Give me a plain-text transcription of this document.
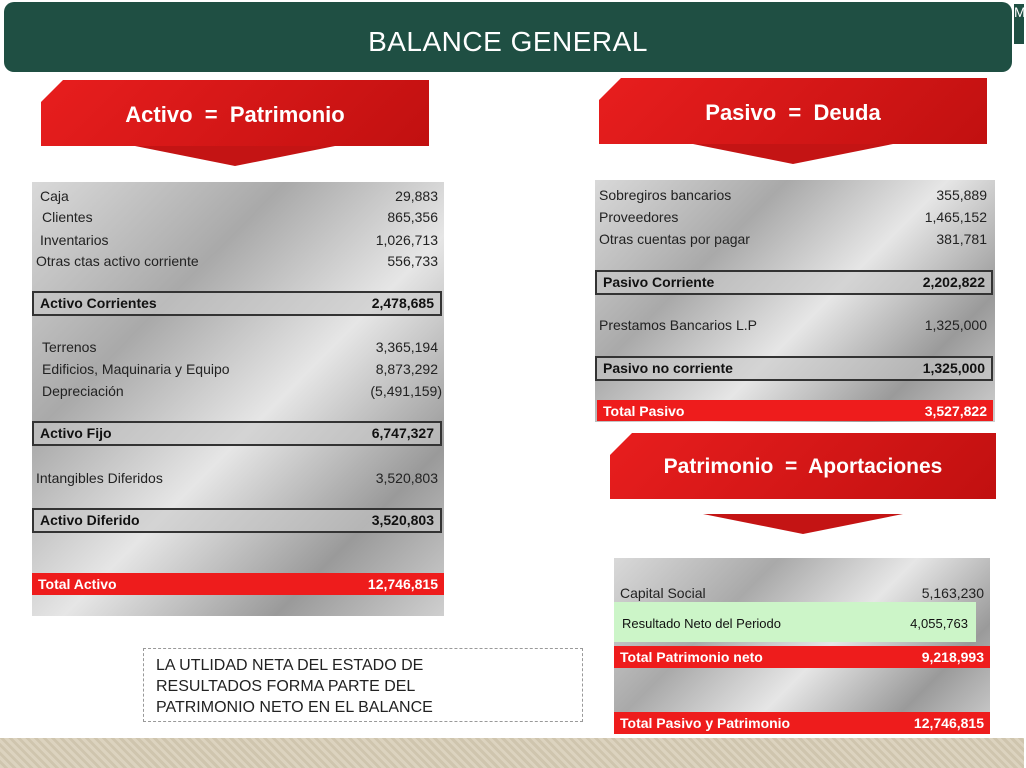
BALANCE GENERAL
M
Activo  =  Patrimonio
Caja	29,883
Clientes	865,356
Inventarios	1,026,713
Otras ctas activo corriente	556,733
Activo Corrientes	2,478,685
Terrenos	3,365,194
Edificios, Maquinaria y Equipo	8,873,292
Depreciación	(5,491,159)
Activo Fijo	6,747,327
Intangibles Diferidos	3,520,803
Activo Diferido	3,520,803
Total Activo	12,746,815
Pasivo  =  Deuda
Sobregiros bancarios	355,889
Proveedores	1,465,152
Otras cuentas por pagar	381,781
Pasivo Corriente	2,202,822
Prestamos Bancarios L.P	1,325,000
Pasivo no corriente	1,325,000
Total Pasivo	3,527,822
Patrimonio  =  Aportaciones
Capital Social	5,163,230
Resultado Neto del Periodo	4,055,763
Total Patrimonio neto	9,218,993
Total Pasivo y Patrimonio	12,746,815
LA UTLIDAD NETA DEL ESTADO DE
RESULTADOS FORMA PARTE DEL
PATRIMONIO NETO EN EL BALANCE
